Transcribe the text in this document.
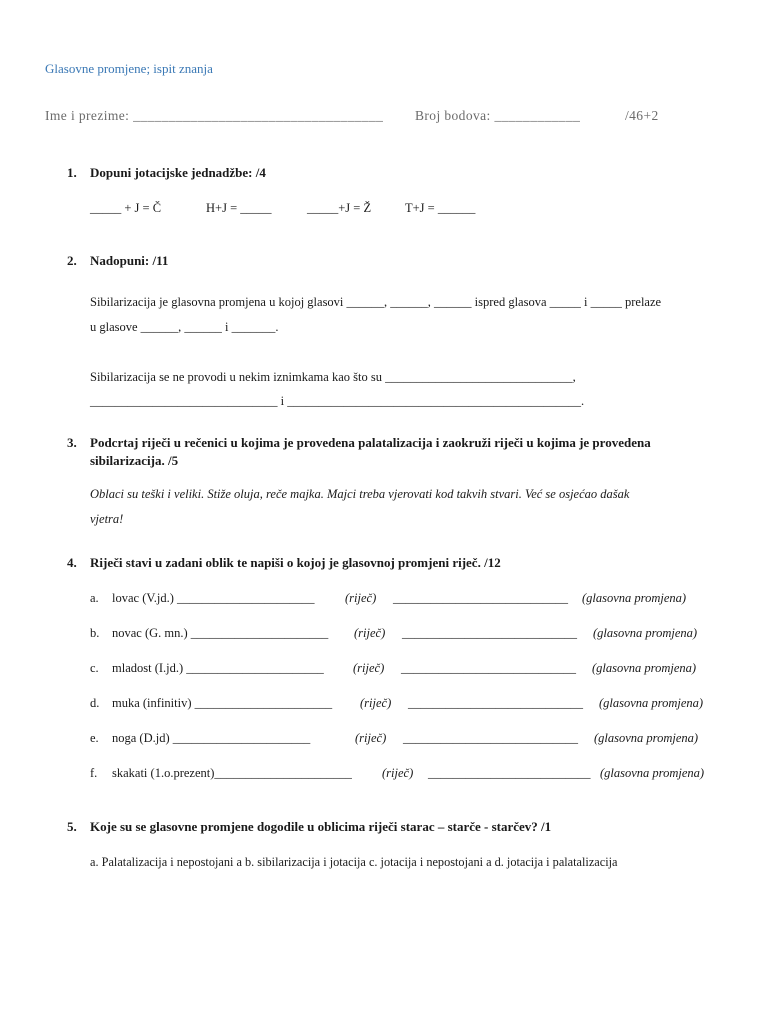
Glasovne promjene; ispit znanja
Ime i prezime: ___________________________________ Broj bodova: ____________	/46+2
1. Dopuni jotacijske jednadžbe: /4
_____ + J = Č	H+J = _____	_____+J = Ž	T+J = ______
2. Nadopuni: /11
Sibilarizacija je glasovna promjena u kojoj glasovi ______, ______, ______ ispred glasova _____ i _____ prelaze
u glasove ______, ______ i _______.
Sibilarizacija se ne provodi u nekim iznimkama kao što su ______________________________,
______________________________ i _______________________________________________.
3. Podcrtaj riječi u rečenici u kojima je provedena palatalizacija i zaokruži riječi u kojima je provedena
sibilarizacija. /5
Oblaci su teški i veliki. Stiže oluja, reče majka. Majci treba vjerovati kod takvih stvari. Već se osjećao dašak
vjetra!
4. Riječi stavi u zadani oblik te napiši o kojoj je glasovnoj promjeni riječ. /12
a. lovac (V.jd.) ______________________ (riječ) ____________________________ (glasovna promjena)
b. novac (G. mn.) ______________________ (riječ) ____________________________ (glasovna promjena)
c. mladost (I.jd.) ______________________ (riječ) ____________________________ (glasovna promjena)
d. muka (infinitiv) ______________________ (riječ) ____________________________ (glasovna promjena)
e. noga (D.jd) ______________________	(riječ) ____________________________ (glasovna promjena)
f. skakati (1.o.prezent)______________________ (riječ) __________________________ (glasovna promjena)
5. Koje su se glasovne promjene dogodile u oblicima riječi starac – starče - starčev? /1
a. Palatalizacija i nepostojani a b. sibilarizacija i jotacija c. jotacija i nepostojani a d. jotacija i palatalizacija
